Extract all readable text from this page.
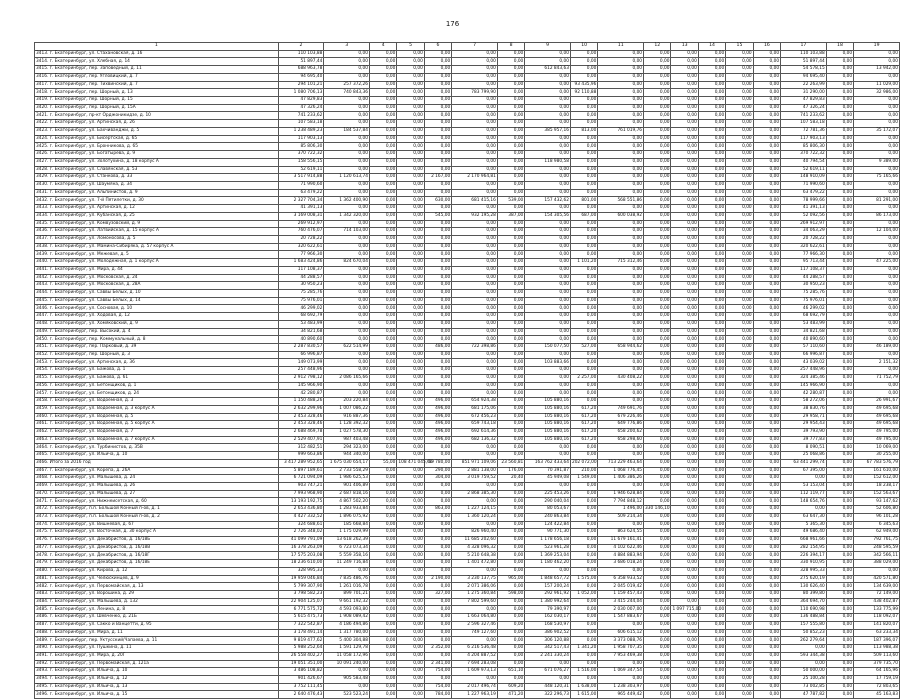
176
1	2	3	4	5	6	7	8	9	10	11	12	13	14	15	16	17	18	19
3413. г. Екатеринбург, ул. Стахановская, д. 16	110 103,88	0,00	0,00	0,00	0,00	0,00	0,00	0,00	0,00	0,00	0,00	0,00	0,00	0,00	0,00	110 103,88	0,00	0,00
3414. г. Екатеринбург, ул. Хлебная, д. 14	51 897,44	0,00	0,00	0,00	0,00	0,00	0,00	0,00	0,00	0,00	0,00	0,00	0,00	0,00	0,00	51 897,44	0,00	0,00
3415. г. Екатеринбург, пер. Заповедный, д. 11	688 963,78	0,00	0,00	0,00	0,00	0,00	0,00	612 843,63	0,00	0,00	0,00	0,00	0,00	0,00	0,00	54 578,15	0,00	13 942,00
3416. г. Екатеринбург, пер. Угловицкий, д. 7	94 695,40	0,00	0,00	0,00	0,00	0,00	0,00	0,00	0,00	0,00	0,00	0,00	0,00	0,00	0,00	94 695,40	0,00	0,00
3417. г. Екатеринбург, пер. Тихвинский, д. 7	294 101,21	257 372,26	0,00	0,00	0,00	0,00	0,00	0,00	93 435,96	0,00	0,00	0,00	0,00	0,00	0,00	22 263,99	0,00	11 029,00
3418. г. Екатеринбург, пер. Шорный, д. 13	1 080 706,13	740 843,36	0,00	0,00	0,00	783 799,90	0,00	0,00	92 110,88	0,00	0,00	0,00	0,00	0,00	0,00	31 290,00	0,00	32 986,00
3419. г. Екатеринбург, пер. Шорный, д. 15	47 829,83	0,00	0,00	0,00	0,00	0,00	0,00	0,00	0,00	0,00	0,00	0,00	0,00	0,00	0,00	47 829,83	0,00	0,00
3420. г. Екатеринбург, пер. Шорный, д. 15А	47 326,24	0,00	0,00	0,00	0,00	0,00	0,00	0,00	0,00	0,00	0,00	0,00	0,00	0,00	0,00	47 326,24	0,00	0,00
3421. г. Екатеринбург, пр-кт Орджоникидзе, д. 10	741 233,62	0,00	0,00	0,00	0,00	0,00	0,00	0,00	0,00	0,00	0,00	0,00	0,00	0,00	0,00	741 233,62	0,00	0,00
3422. г. Екатеринбург, ул. Артинская, д. 26	107 583,18	0,00	0,00	0,00	0,00	0,00	0,00	0,00	0,00	0,00	0,00	0,00	0,00	0,00	0,00	107 583,18	0,00	0,00
3423. г. Екатеринбург, ул. Бахчиванджи, д. 5	1 238 489,23	184 537,84	0,00	0,00	0,00	0,00	0,00	385 957,16	813,00	761 019,76	0,00	0,00	0,00	0,00	0,00	72 781,36	0,00	35 172,07
3424. г. Екатеринбург, ул. Бисертская, д. 65	117 903,13	0,00	0,00	0,00	0,00	0,00	0,00	0,00	0,00	0,00	0,00	0,00	0,00	0,00	0,00	117 903,13	0,00	0,00
3425. г. Екатеринбург, ул. Бронникова, д. 65	85 806,30	0,00	0,00	0,00	0,00	0,00	0,00	0,00	0,00	0,00	0,00	0,00	0,00	0,00	0,00	85 806,30	0,00	0,00
3426. г. Екатеринбург, ул. Богатырева, д. 9	370 722,32	0,00	0,00	0,00	0,00	0,00	0,00	0,00	0,00	0,00	0,00	0,00	0,00	0,00	0,00	370 722,32	0,00	0,00
3427. г. Екатеринбург, ул. Золотухина, д. 18 корпус А	158 556,15	0,00	0,00	0,00	0,00	0,00	0,00	118 980,58	0,00	0,00	0,00	0,00	0,00	0,00	0,00	40 794,54	0,00	9 389,00
3428. г. Екатеринбург, ул. Славянская, д. 53	52 619,11	0,00	0,00	0,00	0,00	0,00	0,00	0,00	0,00	0,00	0,00	0,00	0,00	0,00	0,00	52 619,11	0,00	0,00
3429. г. Екатеринбург, ул. Станкова, д. 33	3 517 914,88	1 120 613,74	0,00	0,00	2 167,00	2 170 964,81	0,00	0,00	0,00	0,00	0,00	0,00	0,00	0,00	0,00	148 910,09	0,00	75 165,66
3430. г. Екатеринбург, ул. Шаумяна, д. 34	71 990,60	0,00	0,00	0,00	0,00	0,00	0,00	0,00	0,00	0,00	0,00	0,00	0,00	0,00	0,00	71 990,60	0,00	0,00
3431. г. Екатеринбург, ул. Альпинистов, д. 9	63 479,22	0,00	0,00	0,00	0,00	0,00	0,00	0,00	0,00	0,00	0,00	0,00	0,00	0,00	0,00	63 479,22	0,00	0,00
3432. г. Екатеринбург, ул. 7-й Пятилетки, д. 30	2 327 704,34	1 362 400,90	0,00	0,00	630,00	681 415,16	539,00	157 432,62	801,00	568 551,86	0,00	0,00	0,00	0,00	0,00	78 999,66	0,00	81 291,00
3433. г. Екатеринбург, ул. Артинская, д. 12	41 391,13	0,00	0,00	0,00	0,00	0,00	0,00	0,00	0,00	0,00	0,00	0,00	0,00	0,00	0,00	41 391,13	0,00	0,00
3434. г. Екатеринбург, ул. Кубанская, д. 25	3 169 008,31	1 342 320,00	0,00	0,00	545,00	932 195,28	387,00	154 305,56	687,00	600 038,92	0,00	0,00	0,00	0,00	0,00	52 092,56	0,00	86 173,00
3435. г. Екатеринбург, ул. Комвузовский, д. 9	269 912,97	0,00	0,00	0,00	0,00	0,00	0,00	0,00	0,00	0,00	0,00	0,00	0,00	0,00	0,00	269 912,97	0,00	0,00
3436. г. Екатеринбург, ул. Латвийская, д. 15 корпус А	760 476,07	714 103,00	0,00	0,00	0,00	0,00	0,00	0,00	0,00	0,00	0,00	0,00	0,00	0,00	0,00	34 063,29	0,00	12 104,00
3437. г. Екатеринбург, ул. Ломоносова, д. 5	20 728,22	0,00	0,00	0,00	0,00	0,00	0,00	0,00	0,00	0,00	0,00	0,00	0,00	0,00	0,00	20 728,22	0,00	0,00
3438. г. Екатеринбург, ул. Мамина-Сибиряка, д. 57 корпус А	320 622,61	0,00	0,00	0,00	0,00	0,00	0,00	0,00	0,00	0,00	0,00	0,00	0,00	0,00	0,00	320 622,61	0,00	0,00
3439. г. Екатеринбург, ул. Межевая, д. 5	77 966,30	0,00	0,00	0,00	0,00	0,00	0,00	0,00	0,00	0,00	0,00	0,00	0,00	0,00	0,00	77 966,30	0,00	0,00
3440. г. Екатеринбург, ул. Молодежная, д. 1 корпус А	1 683 424,86	824 670,04	0,00	0,00	0,00	0,00	0,00	0,00	1 101,20	715 312,46	0,00	0,00	0,00	0,00	0,00	95 713,44	0,00	47 225,00
3441. г. Екатеринбург, ул. Мира, д. 44	117 108,37	0,00	0,00	0,00	0,00	0,00	0,00	0,00	0,00	0,00	0,00	0,00	0,00	0,00	0,00	117 108,37	0,00	0,00
3442. г. Екатеринбург, ул. Московская, д. 24	44 288,57	0,00	0,00	0,00	0,00	0,00	0,00	0,00	0,00	0,00	0,00	0,00	0,00	0,00	0,00	44 288,57	0,00	0,00
3443. г. Екатеринбург, ул. Московская, д. 28А	30 950,23	0,00	0,00	0,00	0,00	0,00	0,00	0,00	0,00	0,00	0,00	0,00	0,00	0,00	0,00	30 950,23	0,00	0,00
3444. г. Екатеринбург, ул. Саввы Белых, д. 10	75 285,76	0,00	0,00	0,00	0,00	0,00	0,00	0,00	0,00	0,00	0,00	0,00	0,00	0,00	0,00	75 285,76	0,00	0,00
3445. г. Екатеринбург, ул. Саввы Белых, д. 14	75 976,01	0,00	0,00	0,00	0,00	0,00	0,00	0,00	0,00	0,00	0,00	0,00	0,00	0,00	0,00	75 976,01	0,00	0,00
3446. г. Екатеринбург, ул. Сосновая, д. 10	46 299,02	0,00	0,00	0,00	0,00	0,00	0,00	0,00	0,00	0,00	0,00	0,00	0,00	0,00	0,00	46 299,02	0,00	0,00
3447. г. Екатеринбург, ул. Ходовая, д. 12	68 692,79	0,00	0,00	0,00	0,00	0,00	0,00	0,00	0,00	0,00	0,00	0,00	0,00	0,00	0,00	68 692,79	0,00	0,00
3448. г. Екатеринбург, ул. Хомяковский, д. 9	53 483,99	0,00	0,00	0,00	0,00	0,00	0,00	0,00	0,00	0,00	0,00	0,00	0,00	0,00	0,00	53 483,99	0,00	0,00
3449. г. Екатеринбург, пер. Высокий, д. 4	34 821,68	0,00	0,00	0,00	0,00	0,00	0,00	0,00	0,00	0,00	0,00	0,00	0,00	0,00	0,00	34 821,68	0,00	0,00
3450. г. Екатеринбург, пер. Коммунальный, д. 8	40 890,60	0,00	0,00	0,00	0,00	0,00	0,00	0,00	0,00	0,00	0,00	0,00	0,00	0,00	0,00	40 890,60	0,00	0,00
3451. г. Екатеринбург, пер. Парковый, д. 39	2 287 830,57	622 514,99	0,00	0,00	486,00	722 398,86	0,00	150 077,50	527,00	658 944,62	0,00	0,00	0,00	0,00	0,00	57 110,60	0,00	46 189,00
3452. г. Екатеринбург, пер. Шорный, д. 3	66 996,87	0,00	0,00	0,00	0,00	0,00	0,00	0,00	0,00	0,00	0,00	0,00	0,00	0,00	0,00	66 996,87	0,00	0,00
3453. г. Екатеринбург, ул. Артинская, д. 36	149 073,99	0,00	0,00	0,00	0,00	0,00	0,00	103 883,66	0,00	0,00	0,00	0,00	0,00	0,00	0,00	43 039,02	0,00	2 151,32
3454. г. Екатеринбург, ул. Бажова, д. 1	257 448,96	0,00	0,00	0,00	0,00	0,00	0,00	0,00	0,00	0,00	0,00	0,00	0,00	0,00	0,00	257 448,96	0,00	0,00
3455. г. Екатеринбург, ул. Бажова, д. 61	2 912 798,12	2 086 165,66	0,00	0,00	0,00	0,00	0,00	0,00	2 257,00	430 408,22	0,00	0,00	0,00	0,00	0,00	324 385,46	0,00	71 752,79
3456. г. Екатеринбург, ул. Бетонщиков, д. 1	145 966,90	0,00	0,00	0,00	0,00	0,00	0,00	0,00	0,00	0,00	0,00	0,00	0,00	0,00	0,00	145 966,90	0,00	0,00
3457. г. Екатеринбург, ул. Бетонщиков, д. 24	42 280,87	0,00	0,00	0,00	0,00	0,00	0,00	0,00	0,00	0,00	0,00	0,00	0,00	0,00	0,00	42 280,87	0,00	0,00
3458. г. Екатеринбург, ул. Водоемная, д. 3	1 150 488,26	203 220,84	0,00	0,00	496,00	654 924,38	0,00	105 880,16	0,00	0,00	0,00	0,00	0,00	0,00	0,00	58 272,06	0,00	26 991,67
3459. г. Екатеринбург, ул. Водоемная, д. 3 корпус А	2 632 299,96	1 007 086,22	0,00	0,00	496,00	681 175,06	0,00	105 880,16	617,20	749 691,76	0,00	0,00	0,00	0,00	0,00	38 830,76	0,00	49 695,68
3460. г. Екатеринбург, ул. Водоемная, д. 5	2 453 328,46	916 887,36	0,00	0,00	496,00	672 456,23	0,00	105 880,16	617,20	679 226,46	0,00	0,00	0,00	0,00	0,00	29 958,71	0,00	49 695,68
3461. г. Екатеринбург, ул. Водоемная, д. 5 корпус А	2 453 328,46	1 128 392,32	0,00	0,00	496,00	659 743,18	0,00	105 880,16	617,20	649 776,86	0,00	0,00	0,00	0,00	0,00	29 954,43	0,00	49 695,68
3462. г. Екатеринбург, ул. Водоемная, д. 7	2 688 469,78	1 027 578,30	0,00	0,00	496,00	692 614,36	0,00	105 880,16	617,20	658 200,62	0,00	0,00	0,00	0,00	0,00	39 793,90	0,00	49 795,00
3463. г. Екатеринбург, ул. Водоемная, д. 7 корпус А	2 529 407,91	987 403,48	0,00	0,00	496,00	682 136,32	0,00	105 880,16	617,20	658 298,60	0,00	0,00	0,00	0,00	0,00	39 777,83	0,00	49 795,00
3464. г. Екатеринбург, ул. Турбинистов, д. 35В	312 482,51	294 323,00	0,00	0,00	0,00	0,00	0,00	0,00	0,00	0,00	0,00	0,00	0,00	0,00	0,00	8 090,51	0,00	10 069,00
3465. г. Екатеринбург, ул. Ильича, д. 10	999 663,86	944 340,00	0,00	0,00	0,00	0,00	0,00	0,00	0,00	0,00	0,00	0,00	0,00	0,00	0,00	25 068,86	0,00	30 255,00
3466. Итого за 2016 год	3 417 289 952,65	1 675 030 654,17	55,00	108 471 045,60	69 780,00	851 971 109,06	23 560,81	163 762 433,64	202 072,00	713 229 463,64	0,00	0,00	0,00	0,00	0,00	63 441 299,74	0,00	67 783 576,79
3467. г. Екатеринбург, ул. Корепа, д. 26А	5 897 189,61	2 733 558,29	0,00	0,00	290,00	2 881 138,00	176,00	70 391,87	210,00	1 068 776,45	0,00	0,00	0,00	0,00	0,00	67 395,00	0,00	161 610,00
3468. г. Екатеринбург, ул. Малышева, д. 24	6 721 094,09	1 986 625,53	0,00	0,00	304,00	3 019 759,52	20,40	45 949,08	1 549,00	1 406 386,26	0,00	0,00	0,00	0,00	0,00	0,00	0,00	152 612,00
3469. г. Екатеринбург, ул. Малышева, д. 26	903 747,21	901 406,89	0,00	0,00	0,00	0,00	0,00	0,00	0,00	0,00	0,00	0,00	0,00	0,00	0,00	53 153,04	0,00	18 238,17
3470. г. Екатеринбург, ул. Малышева, д. 27	7 993 968,90	2 687 818,16	0,00	0,00	0,00	2 868 385,30	0,00	225 453,26	0,00	1 946 628,84	0,00	0,00	0,00	0,00	0,00	112 119,77	0,00	152 563,67
3471. г. Екатеринбург, ул. Нижнеисетская, д. 60	13 193 192,75	4 867 502,20	0,00	0,00	0,00	0,00	0,00	290 040,04	0,00	7 794 848,12	0,00	0,00	0,00	0,00	0,00	148 654,76	0,00	93 147,62
3472. г. Екатеринбург, п.п. Большой Конный п-ов, д. 1	2 653 436,80	1 283 933,84	0,00	0,00	863,00	1 227 124,15	0,00	80 053,67	0,00	1 496,00	330 146,10	0,00	0,00	0,00	0,00	0,00	0,00	52 606,80
3473. г. Екатеринбург, п.п. Большой Конный п-ов, д. 2	4 427 332,52	1 896 075,92	0,00	0,00	0,00	1 360 120,24	0,00	240 863,84	0,00	509 214,34	0,00	0,00	0,00	0,00	0,00	63 647,30	0,00	96 101,28
3474. г. Екатеринбург, ул. Вишневая, д. 67	324 688,61	185 668,84	0,00	0,00	0,00	0,00	0,00	124 422,84	0,00	0,00	0,00	0,00	0,00	0,00	0,00	5 365,30	0,00	6 345,63
3475. г. Екатеринбург, ул. Восточная, д. 30 корпус А	2 726 348,02	1 175 029,99	0,00	0,00	0,00	826 960,40	0,00	90 771,30	0,00	863 624,55	0,00	0,00	0,00	0,00	0,00	49 686,40	0,00	62 949,00
3476. г. Екатеринбург, ул. Декабристов, д. 16/18Б	41 099 791,09	13 618 262,39	0,00	0,00	0,00	11 685 202,60	0,00	1 178 656,18	0,00	11 679 161,41	0,00	0,00	0,00	0,00	0,00	668 961,66	0,00	792 761,75
3477. г. Екатеринбург, ул. Декабристов, д. 16/18В	16 378 263,09	6 723 073,34	0,00	0,00	0,00	4 328 096,32	0,00	523 961,28	0,00	4 102 622,46	0,00	0,00	0,00	0,00	0,00	282 154,95	0,00	248 595,59
3478. г. Екатеринбург, ул. Декабристов, д. 16/18Г	17 575 203,08	5 559 358,16	0,00	0,00	0,00	5 210 648,38	0,00	1 369 253,04	0,00	4 884 883,94	0,00	0,00	0,00	0,00	0,00	226 394,17	0,00	342 566,11
3479. г. Екатеринбург, ул. Декабристов, д. 16/18Е	18 236 610,00	11 249 716,84	0,00	0,00	0,00	1 401 472,80	0,00	1 180 462,20	0,00	3 686 018,24	0,00	0,00	0,00	0,00	0,00	330 910,95	0,00	388 029,00
3480. г. Екатеринбург, ул. Кирова, д. 12	328 995,33	0,00	0,00	0,00	0,00	0,00	0,00	0,00	0,00	0,00	0,00	0,00	0,00	0,00	0,00	328 995,33	0,00	0,00
3481. г. Екатеринбург, ул. Челюскинцев, д. 9	19 959 046,84	7 835 486,76	0,00	0,00	2 190,00	3 230 137,75	965,00	1 848 657,72	1 575,00	6 358 933,52	0,00	0,00	0,00	0,00	0,00	275 620,19	0,00	420 571,80
3482. г. Екатеринбург, ул. Первомайская, д. 13	5 799 307,90	1 261 016,78	0,00	0,00	0,00	2 071 386,06	0,00	157 200,24	0,00	2 045 019,42	0,00	0,00	0,00	0,00	0,00	130 626,40	0,00	134 639,00
3483. г. Екатеринбург, ул. Ворошина, д. 29	3 798 582,23	899 701,21	0,00	0,00	327,00	1 275 360,84	598,00	292 961,92	1 052,00	1 159 457,43	0,00	0,00	0,00	0,00	0,00	80 399,80	0,00	72 149,00
3484. г. Екатеринбург, ул. Малышева, д. 132	22 904 125,07	9 661 192,32	0,00	0,00	0,00	7 802 599,60	0,00	1 380 992,64	0,00	3 415 244,04	0,00	0,00	0,00	0,00	0,00	364 694,70	0,00	438 402,87
3485. г. Екатеринбург, ул. Ленина, д. 8	6 771 575,72	4 593 093,80	0,00	0,00	0,00	0,00	0,00	79 390,97	0,00	2 030 007,00	0,00	1 097 715,00	0,00	0,00	0,00	110 690,98	0,00	133 775,99
3486. г. Екатеринбург, ул. Шевченко, д. 21Б	5 615 475,73	1 908 089,42	0,00	0,00	0,00	1 663 064,80	0,00	162 030,17	0,00	1 547 883,67	0,00	0,00	0,00	0,00	0,00	136 488,84	0,00	118 092,07
3487. г. Екатеринбург, ул. Сакко и Ванцетти, д. 95	7 322 542,87	4 186 494,86	0,00	0,00	0,00	2 596 327,46	0,00	168 530,97	0,00	0,00	0,00	0,00	0,00	0,00	0,00	157 555,80	0,00	141 820,07
3488. г. Екатеринбург, ул. Мира, д. 11	3 178 491,14	1 317 780,00	0,00	0,00	0,00	749 127,60	0,00	386 902,52	0,00	606 615,12	0,00	0,00	0,00	0,00	0,00	50 852,23	0,00	63 233,34
3489. г. Екатеринбург, пер. Уктусский/Чапаева, д. 11	9 819 477,62	5 400 304,88	0,00	0,00	0,00	0,00	0,00	306 120,88	0,00	3 373 088,76	0,00	0,00	0,00	0,00	0,00	262 279,64	0,00	187 396,07
3490. г. Екатеринбург, ул. Пушкина, д. 11	5 988 252,64	1 591 129,78	0,00	0,00	2 352,00	6 216 536,48	0,00	342 517,43	1 341,20	1 958 707,35	0,00	0,00	0,00	0,00	0,00	0,00	0,00	113 988,38
3491. г. Екатеринбург, ул. Мира, д. 20Г	26 558 402,27	11 058 172,96	0,00	0,00	0,00	4 204 887,52	0,00	2 241 330,24	0,00	7 953 469,38	0,00	0,00	0,00	0,00	0,00	593 344,38	0,00	509 113,60
3492. г. Екатеринбург, ул. Первомайская, д. 121а	19 051 351,00	10 091 240,00	0,00	0,00	2 341,00	7 694 283,08	0,00	0,00	0,00	0,00	0,00	0,00	0,00	0,00	0,00	0,00	0,00	379 735,70
3493. г. Екатеринбург, ул. Ильича, д. 10	3 486 108,82	0,00	0,00	0,00	754,00	1 609 973,13	651,10	671 076,27	1 516,00	1 069 347,54	0,00	0,00	0,00	0,00	0,00	50 000,00	0,00	64 165,96
3494. г. Екатеринбург, ул. Ильича, д. 12	901 426,67	905 583,48	0,00	0,00	0,00	0,00	0,00	0,00	0,00	0,00	0,00	0,00	0,00	0,00	0,00	25 100,28	0,00	17 759,19
3495. г. Екатеринбург, ул. Ильича, д. 13	3 752 111,45	0,00	0,00	0,00	754,00	2 017 496,74	609,20	448 120,31	1 638,00	1 238 303,97	0,00	0,00	0,00	0,00	0,00	73 002,85	0,00	72 803,65
3496. г. Екатеринбург, ул. Ильича, д. 15	2 640 476,43	523 523,24	0,00	0,00	784,00	1 227 963,19	471,20	322 296,73	1 615,00	965 449,42	0,00	0,00	0,00	0,00	0,00	47 787,82	0,00	45 163,83
